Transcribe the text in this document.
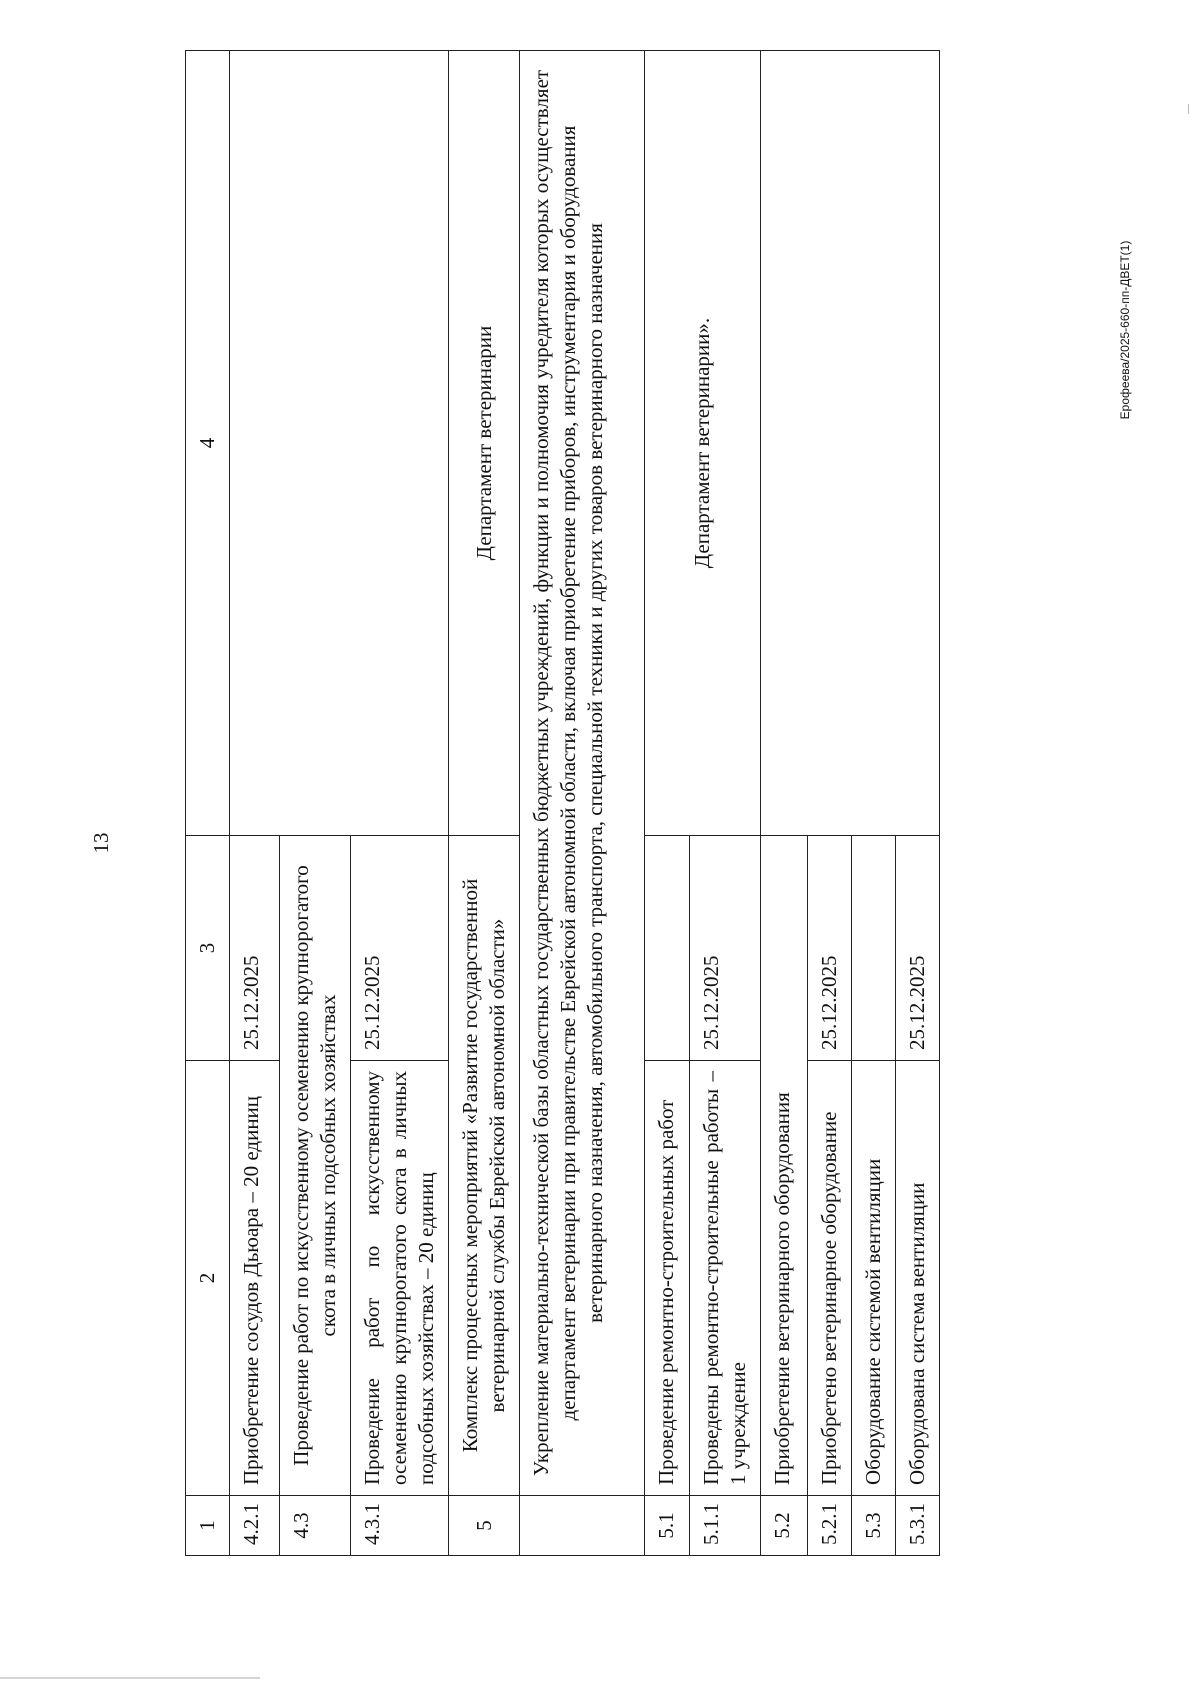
13
1	2	3	4
4.2.1	Приобретение сосудов Дьюара – 20 единиц	25.12.2025	
4.3	Проведение работ по искусственному осеменению крупнорогатого скота в личных подсобных хозяйствах		
4.3.1	Проведение работ по искусственному осеменению крупнорогатого скота в личных подсобных хозяйствах – 20 единиц	25.12.2025	
5	Комплекс процессных мероприятий «Развитие государственной ветеринарной службы Еврейской автономной области»		Департамент ветеринарии
	Укрепление материально-технической базы областных государственных бюджетных учреждений, функции и полномочия учредителя которых осуществляет департамент ветеринарии при правительстве Еврейской автономной области, включая приобретение приборов, инструментария и оборудования ветеринарного назначения, автомобильного транспорта, специальной техники и других товаров ветеринарного назначения		
5.1	Проведение ремонтно-строительных работ		Департамент ветеринарии».
5.1.1	Проведены ремонтно-строительные работы – 1 учреждение	25.12.2025	
5.2	Приобретение ветеринарного оборудования		
5.2.1	Приобретено ветеринарное оборудование	25.12.2025	
5.3	Оборудование системой вентиляции		
5.3.1	Оборудована система вентиляции	25.12.2025	
Ерофеева/2025-660-пп-ДВЕТ(1)
